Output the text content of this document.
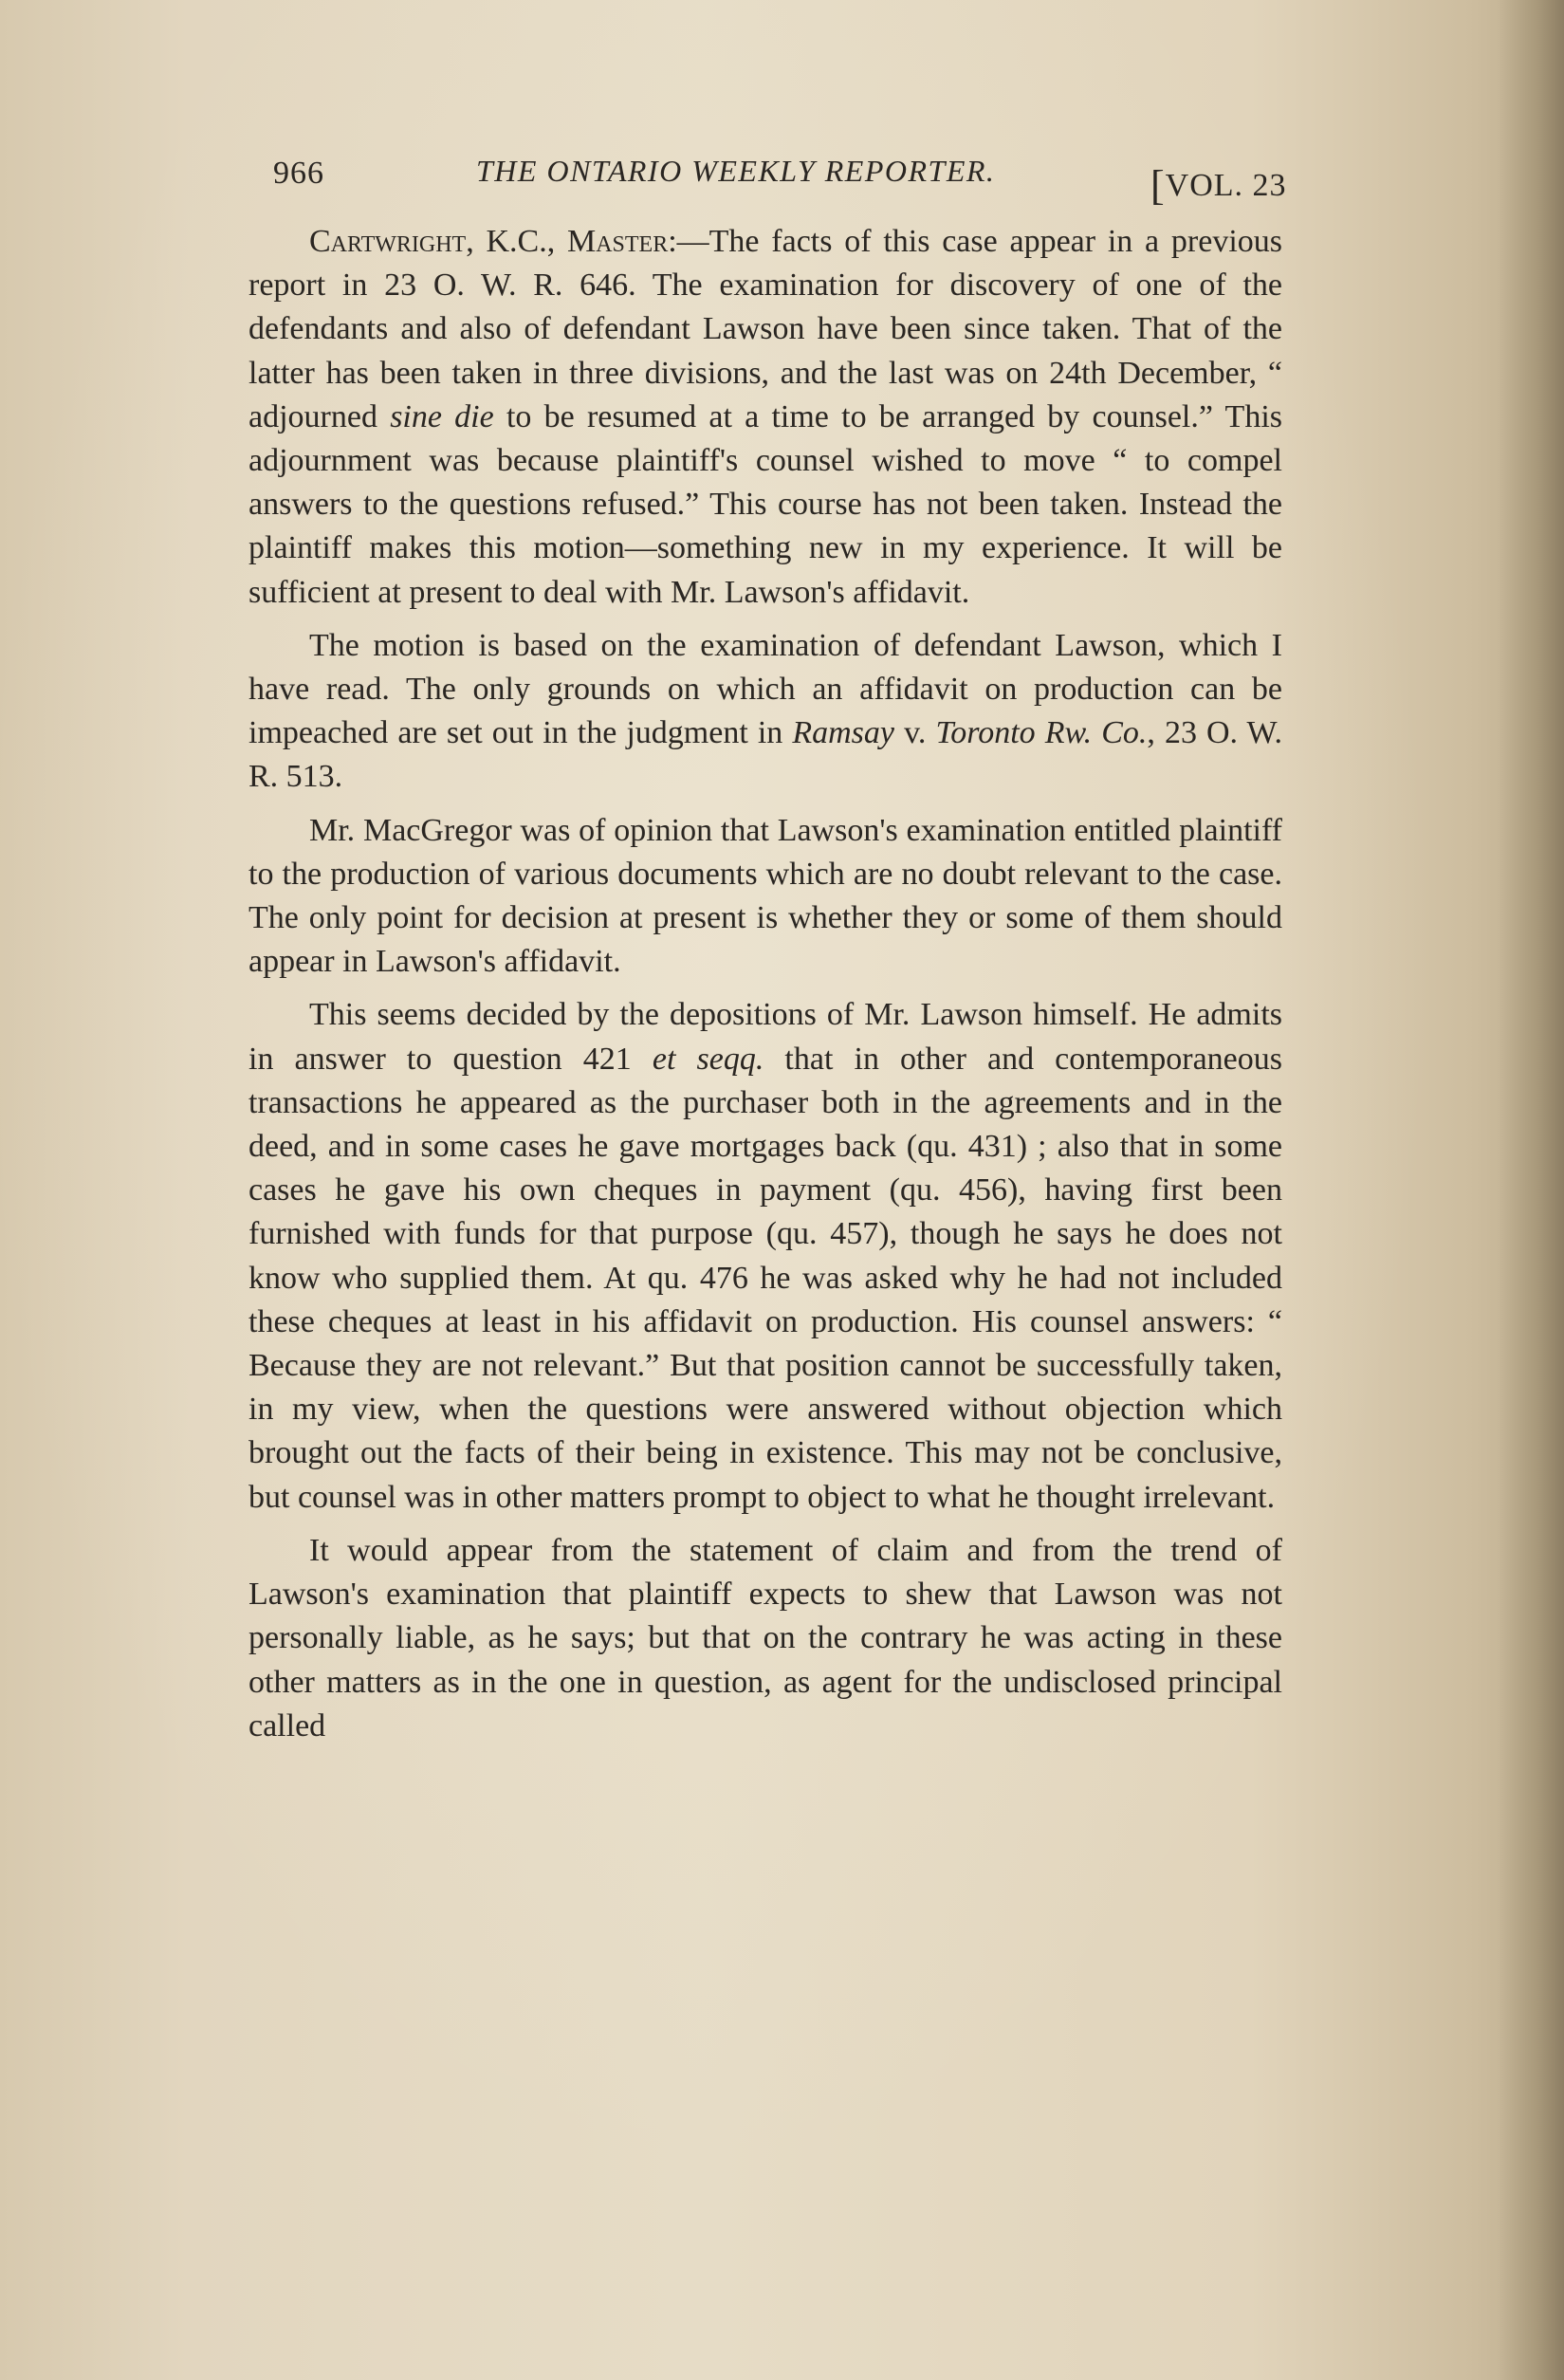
966	THE ONTARIO WEEKLY REPORTER.	[VOL. 23

Cartwright, K.C., Master:—The facts of this case appear in a previous report in 23 O. W. R. 646. The examination for discovery of one of the defendants and also of defendant Lawson have been since taken. That of the latter has been taken in three divisions, and the last was on 24th December, “ adjourned sine die to be resumed at a time to be arranged by counsel.” This adjournment was because plaintiff's counsel wished to move “ to compel answers to the questions refused.” This course has not been taken. Instead the plaintiff makes this motion—something new in my experience. It will be sufficient at present to deal with Mr. Lawson's affidavit.

The motion is based on the examination of defendant Lawson, which I have read. The only grounds on which an affidavit on production can be impeached are set out in the judgment in Ramsay v. Toronto Rw. Co., 23 O. W. R. 513.

Mr. MacGregor was of opinion that Lawson's examination entitled plaintiff to the production of various documents which are no doubt relevant to the case. The only point for decision at present is whether they or some of them should appear in Lawson's affidavit.

This seems decided by the depositions of Mr. Lawson himself. He admits in answer to question 421 et seqq. that in other and contemporaneous transactions he appeared as the purchaser both in the agreements and in the deed, and in some cases he gave mortgages back (qu. 431) ; also that in some cases he gave his own cheques in payment (qu. 456), having first been furnished with funds for that purpose (qu. 457), though he says he does not know who supplied them. At qu. 476 he was asked why he had not included these cheques at least in his affidavit on production. His counsel answers: “ Because they are not relevant.” But that position cannot be successfully taken, in my view, when the questions were answered without objection which brought out the facts of their being in existence. This may not be conclusive, but counsel was in other matters prompt to object to what he thought irrelevant.

It would appear from the statement of claim and from the trend of Lawson's examination that plaintiff expects to shew that Lawson was not personally liable, as he says; but that on the contrary he was acting in these other matters as in the one in question, as agent for the undisclosed principal called
